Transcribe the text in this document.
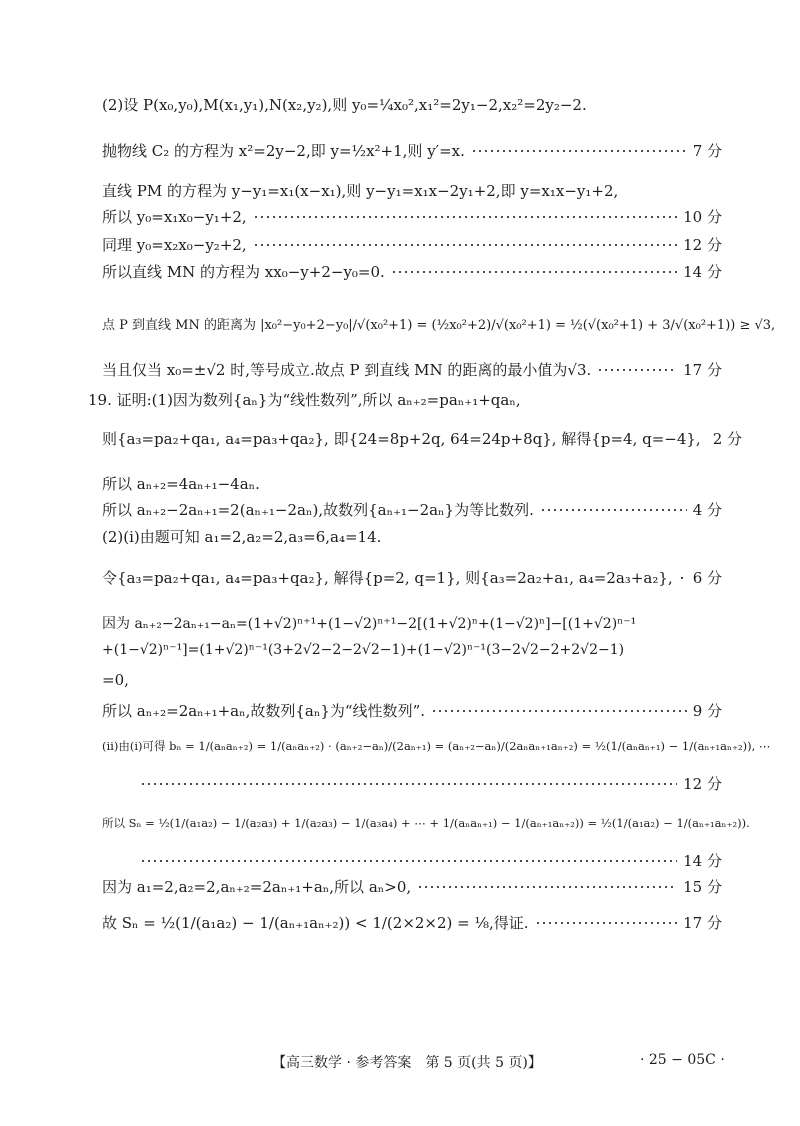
(2)设 P(x₀,y₀),M(x₁,y₁),N(x₂,y₂),则 y₀=¼x₀²,x₁²=2y₁−2,x₂²=2y₂−2.
抛物线 C₂ 的方程为 x²=2y−2,即 y=½x²+1,则 y′=x.	7 分
直线 PM 的方程为 y−y₁=x₁(x−x₁),则 y−y₁=x₁x−2y₁+2,即 y=x₁x−y₁+2,
所以 y₀=x₁x₀−y₁+2,	10 分
同理 y₀=x₂x₀−y₂+2,	12 分
所以直线 MN 的方程为 xx₀−y+2−y₀=0.	14 分
点 P 到直线 MN 的距离为 |x₀²−y₀+2−y₀|/√(x₀²+1) = (½x₀²+2)/√(x₀²+1) = ½(√(x₀²+1) + 3/√(x₀²+1)) ≥ √3,
当且仅当 x₀=±√2 时,等号成立.故点 P 到直线 MN 的距离的最小值为√3.	17 分
19. 证明:(1)因为数列{aₙ}为“线性数列”,所以 aₙ₊₂=paₙ₊₁+qaₙ,
则{a₃=pa₂+qa₁, a₄=pa₃+qa₂}, 即{24=8p+2q, 64=24p+8q}, 解得{p=4, q=−4}, 2 分
所以 aₙ₊₂=4aₙ₊₁−4aₙ.
所以 aₙ₊₂−2aₙ₊₁=2(aₙ₊₁−2aₙ),故数列{aₙ₊₁−2aₙ}为等比数列.	4 分
(2)(ⅰ)由题可知 a₁=2,a₂=2,a₃=6,a₄=14.
令{a₃=pa₂+qa₁, a₄=pa₃+qa₂}, 解得{p=2, q=1}, 则{a₃=2a₂+a₁, a₄=2a₃+a₂}, 6 分
因为 aₙ₊₂−2aₙ₊₁−aₙ=(1+√2)ⁿ⁺¹+(1−√2)ⁿ⁺¹−2[(1+√2)ⁿ+(1−√2)ⁿ]−[(1+√2)ⁿ⁻¹
+(1−√2)ⁿ⁻¹]=(1+√2)ⁿ⁻¹(3+2√2−2−2√2−1)+(1−√2)ⁿ⁻¹(3−2√2−2+2√2−1)
=0,
所以 aₙ₊₂=2aₙ₊₁+aₙ,故数列{aₙ}为“线性数列”.	9 分
(ⅱ)由(ⅰ)可得 bₙ = 1/(aₙaₙ₊₂) = 1/(aₙaₙ₊₂) · (aₙ₊₂−aₙ)/(2aₙ₊₁) = (aₙ₊₂−aₙ)/(2aₙaₙ₊₁aₙ₊₂) = ½(1/(aₙaₙ₊₁) − 1/(aₙ₊₁aₙ₊₂)), ⋯
12 分
所以 Sₙ = ½(1/(a₁a₂) − 1/(a₂a₃) + 1/(a₂a₃) − 1/(a₃a₄) + ⋯ + 1/(aₙaₙ₊₁) − 1/(aₙ₊₁aₙ₊₂)) = ½(1/(a₁a₂) − 1/(aₙ₊₁aₙ₊₂)).
14 分
因为 a₁=2,a₂=2,aₙ₊₂=2aₙ₊₁+aₙ,所以 aₙ>0,	15 分
故 Sₙ = ½(1/(a₁a₂) − 1/(aₙ₊₁aₙ₊₂)) < 1/(2×2×2) = ⅛,得证.	17 分
【高三数学 · 参考答案　第 5 页(共 5 页)】	· 25 − 05C ·
